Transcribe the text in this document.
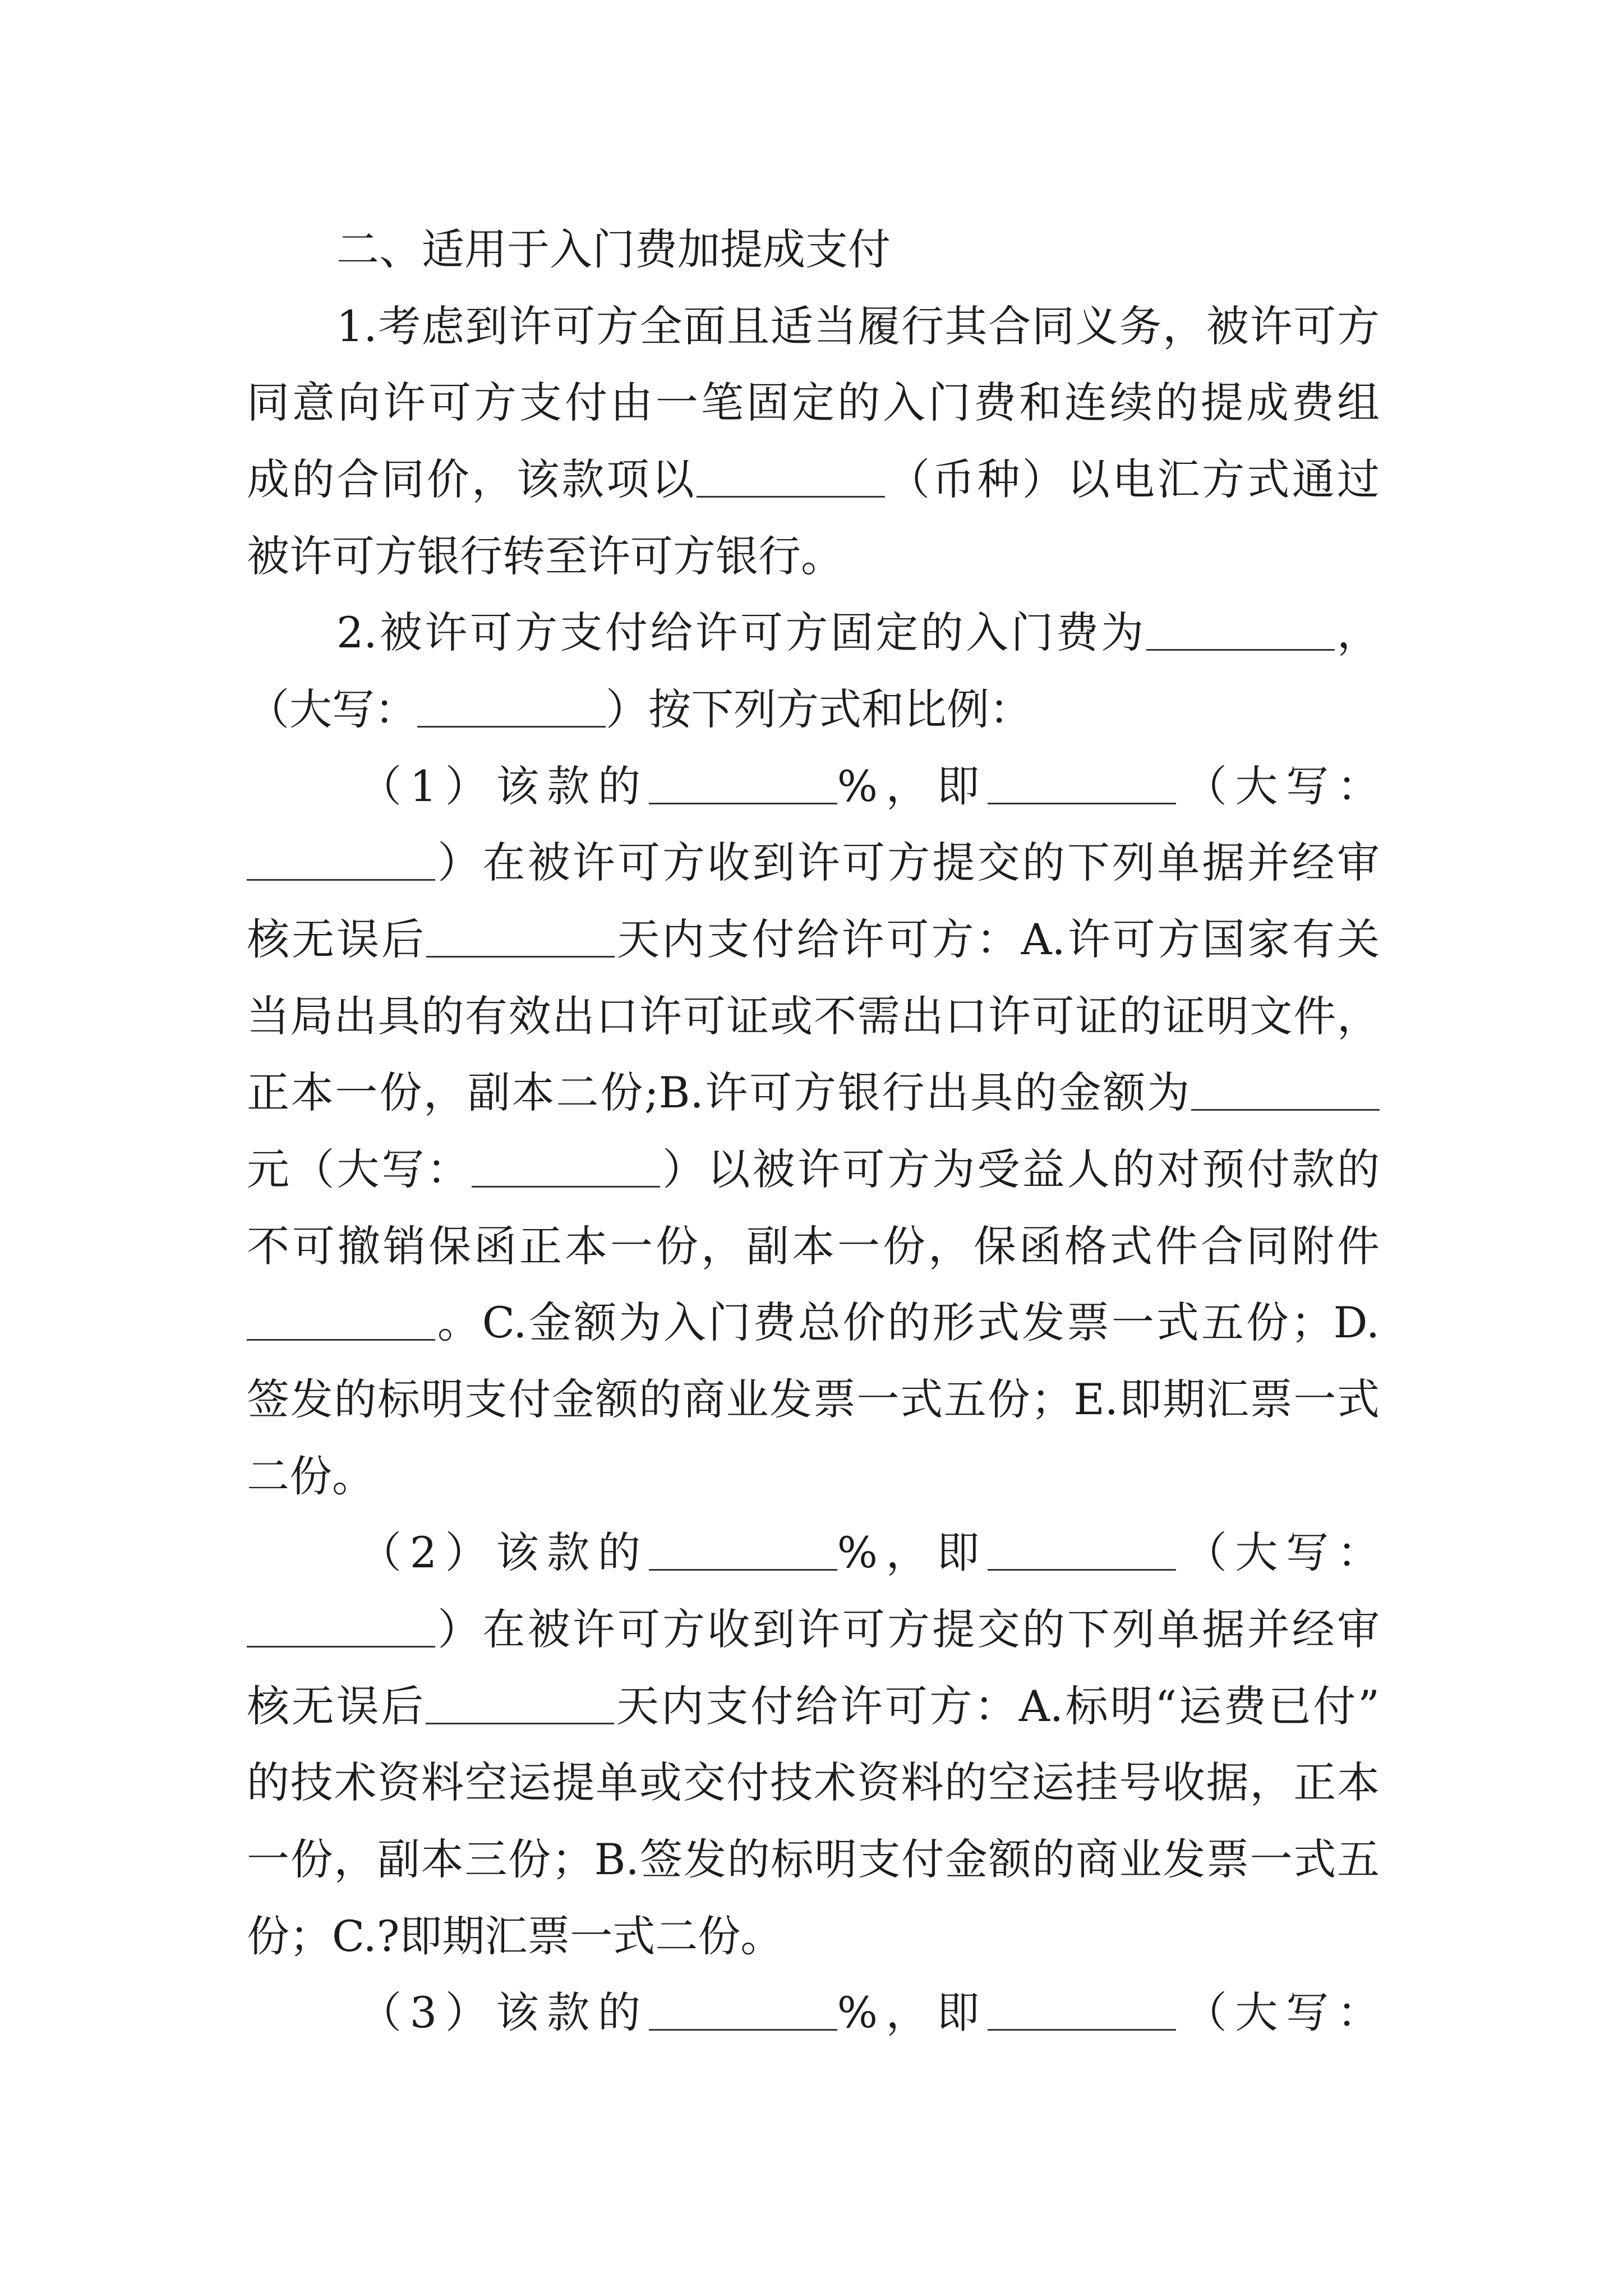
二、适用于入门费加提成支付
1.考虑到许可方全面且适当履行其合同义务，被许可方
同意向许可方支付由一笔固定的入门费和连续的提成费组
成的合同价，该款项以	（币种）以电汇方式通过
被许可方银行转至许可方银行。
2.被许可方支付给许可方固定的入门费为	，
（大写：	）按下列方式和比例：
（1）该款的	%，即	（大写：
）在被许可方收到许可方提交的下列单据并经审
核无误后	天内支付给许可方：A.许可方国家有关
当局出具的有效出口许可证或不需出口许可证的证明文件，
正本一份，副本二份;B.许可方银行出具的金额为
元（大写：	）以被许可方为受益人的对预付款的
不可撤销保函正本一份，副本一份，保函格式件合同附件
。C.金额为入门费总价的形式发票一式五份；D.
签发的标明支付金额的商业发票一式五份；E.即期汇票一式
二份。
（2）该款的	%，即	（大写：
）在被许可方收到许可方提交的下列单据并经审
核无误后	天内支付给许可方：A.标明“运费已付”
的技术资料空运提单或交付技术资料的空运挂号收据，正本
一份，副本三份；B.签发的标明支付金额的商业发票一式五
份；C.?即期汇票一式二份。
（3）该款的	%，即	（大写：
